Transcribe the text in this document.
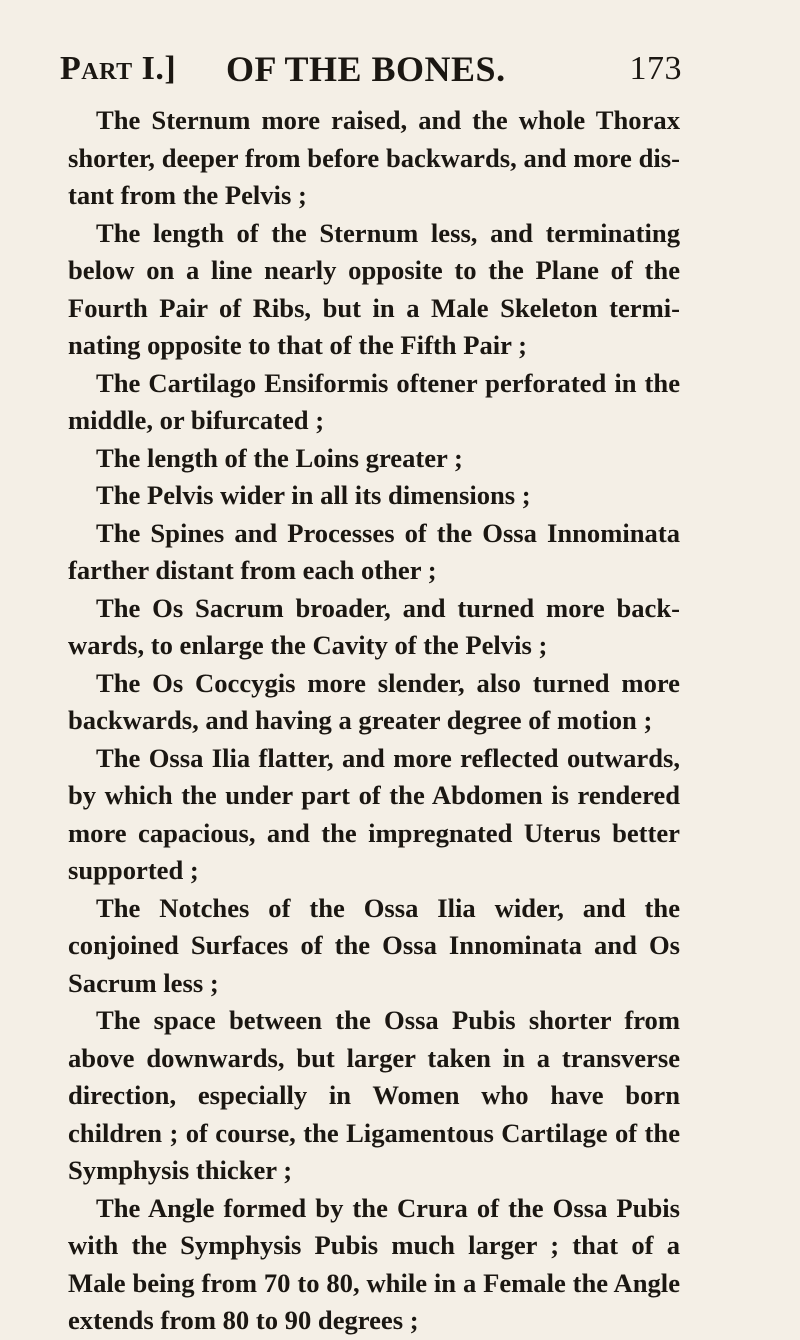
Part I.] OF THE BONES.	173

The Sternum more raised, and the whole Thorax shorter, deeper from before backwards, and more dis- tant from the Pelvis ;

The length of the Sternum less, and terminating below on a line nearly opposite to the Plane of the Fourth Pair of Ribs, but in a Male Skeleton termi- nating opposite to that of the Fifth Pair ;

The Cartilago Ensiformis oftener perforated in the middle, or bifurcated ;

The length of the Loins greater ;

The Pelvis wider in all its dimensions ;

The Spines and Processes of the Ossa Innominata farther distant from each other ;

The Os Sacrum broader, and turned more back- wards, to enlarge the Cavity of the Pelvis ;

The Os Coccygis more slender, also turned more backwards, and having a greater degree of motion ;

The Ossa Ilia flatter, and more reflected outwards, by which the under part of the Abdomen is rendered more capacious, and the impregnated Uterus better supported ;

The Notches of the Ossa Ilia wider, and the conjoined Surfaces of the Ossa Innominata and Os Sacrum less ;

The space between the Ossa Pubis shorter from above downwards, but larger taken in a transverse direction, especially in Women who have born children ; of course, the Ligamentous Cartilage of the Symphysis thicker ;

The Angle formed by the Crura of the Ossa Pubis with the Symphysis Pubis much larger ; that of a Male being from 70 to 80, while in a Female the Angle extends from 80 to 90 degrees ;
